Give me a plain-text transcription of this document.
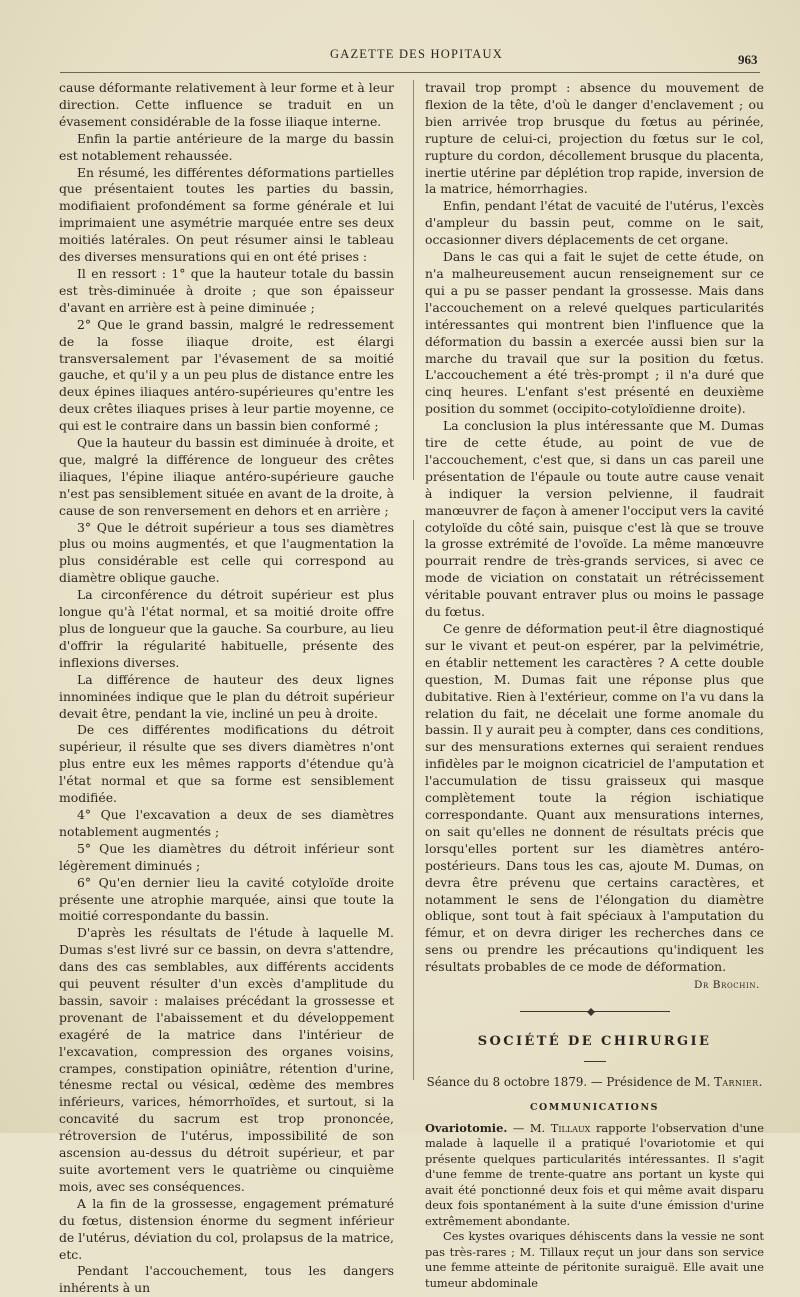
GAZETTE DES HOPITAUX	963

cause déformante relativement à leur forme et à leur direction. Cette influence se traduit en un évasement considérable de la fosse iliaque interne.

Enfin la partie antérieure de la marge du bassin est notablement rehaussée.

En résumé, les différentes déformations partielles que présentaient toutes les parties du bassin, modifiaient profondément sa forme générale et lui imprimaient une asymétrie marquée entre ses deux moitiés latérales. On peut résumer ainsi le tableau des diverses mensurations qui en ont été prises :

Il en ressort : 1° que la hauteur totale du bassin est très-diminuée à droite ; que son épaisseur d'avant en arrière est à peine diminuée ;

2° Que le grand bassin, malgré le redressement de la fosse iliaque droite, est élargi transversalement par l'évasement de sa moitié gauche, et qu'il y a un peu plus de distance entre les deux épines iliaques antéro-supérieures qu'entre les deux crêtes iliaques prises à leur partie moyenne, ce qui est le contraire dans un bassin bien conformé ;

Que la hauteur du bassin est diminuée à droite, et que, malgré la différence de longueur des crêtes iliaques, l'épine iliaque antéro-supérieure gauche n'est pas sensiblement située en avant de la droite, à cause de son renversement en dehors et en arrière ;

3° Que le détroit supérieur a tous ses diamètres plus ou moins augmentés, et que l'augmentation la plus considérable est celle qui correspond au diamètre oblique gauche.

La circonférence du détroit supérieur est plus longue qu'à l'état normal, et sa moitié droite offre plus de longueur que la gauche. Sa courbure, au lieu d'offrir la régularité habituelle, présente des inflexions diverses.

La différence de hauteur des deux lignes innominées indique que le plan du détroit supérieur devait être, pendant la vie, incliné un peu à droite.

De ces différentes modifications du détroit supérieur, il résulte que ses divers diamètres n'ont plus entre eux les mêmes rapports d'étendue qu'à l'état normal et que sa forme est sensiblement modifiée.

4° Que l'excavation a deux de ses diamètres notablement augmentés ;

5° Que les diamètres du détroit inférieur sont légèrement diminués ;

6° Qu'en dernier lieu la cavité cotyloïde droite présente une atrophie marquée, ainsi que toute la moitié correspondante du bassin.

D'après les résultats de l'étude à laquelle M. Dumas s'est livré sur ce bassin, on devra s'attendre, dans des cas semblables, aux différents accidents qui peuvent résulter d'un excès d'amplitude du bassin, savoir : malaises précédant la grossesse et provenant de l'abaissement et du développement exagéré de la matrice dans l'intérieur de l'excavation, compression des organes voisins, crampes, constipation opiniâtre, rétention d'urine, ténesme rectal ou vésical, œdème des membres inférieurs, varices, hémorrhoïdes, et surtout, si la concavité du sacrum est trop prononcée, rétroversion de l'utérus, impossibilité de son ascension au-dessus du détroit supérieur, et par suite avortement vers le quatrième ou cinquième mois, avec ses conséquences.

A la fin de la grossesse, engagement prématuré du fœtus, distension énorme du segment inférieur de l'utérus, déviation du col, prolapsus de la matrice, etc.

Pendant l'accouchement, tous les dangers inhérents à un

travail trop prompt : absence du mouvement de flexion de la tête, d'où le danger d'enclavement ; ou bien arrivée trop brusque du fœtus au périnée, rupture de celui-ci, projection du fœtus sur le col, rupture du cordon, décollement brusque du placenta, inertie utérine par déplétion trop rapide, inversion de la matrice, hémorrhagies.

Enfin, pendant l'état de vacuité de l'utérus, l'excès d'ampleur du bassin peut, comme on le sait, occasionner divers déplacements de cet organe.

Dans le cas qui a fait le sujet de cette étude, on n'a malheureusement aucun renseignement sur ce qui a pu se passer pendant la grossesse. Mais dans l'accouchement on a relevé quelques particularités intéressantes qui montrent bien l'influence que la déformation du bassin a exercée aussi bien sur la marche du travail que sur la position du fœtus. L'accouchement a été très-prompt ; il n'a duré que cinq heures. L'enfant s'est présenté en deuxième position du sommet (occipito-cotyloïdienne droite).

La conclusion la plus intéressante que M. Dumas tire de cette étude, au point de vue de l'accouchement, c'est que, si dans un cas pareil une présentation de l'épaule ou toute autre cause venait à indiquer la version pelvienne, il faudrait manœuvrer de façon à amener l'occiput vers la cavité cotyloïde du côté sain, puisque c'est là que se trouve la grosse extrémité de l'ovoïde. La même manœuvre pourrait rendre de très-grands services, si avec ce mode de viciation on constatait un rétrécissement véritable pouvant entraver plus ou moins le passage du fœtus.

Ce genre de déformation peut-il être diagnostiqué sur le vivant et peut-on espérer, par la pelvimétrie, en établir nettement les caractères ? A cette double question, M. Dumas fait une réponse plus que dubitative. Rien à l'extérieur, comme on l'a vu dans la relation du fait, ne décelait une forme anomale du bassin. Il y aurait peu à compter, dans ces conditions, sur des mensurations externes qui seraient rendues infidèles par le moignon cicatriciel de l'amputation et l'accumulation de tissu graisseux qui masque complètement toute la région ischiatique correspondante. Quant aux mensurations internes, on sait qu'elles ne donnent de résultats précis que lorsqu'elles portent sur les diamètres antéro-postérieurs. Dans tous les cas, ajoute M. Dumas, on devra être prévenu que certains caractères, et notamment le sens de l'élongation du diamètre oblique, sont tout à fait spéciaux à l'amputation du fémur, et on devra diriger les recherches dans ce sens ou prendre les précautions qu'indiquent les résultats probables de ce mode de déformation.

Dr Brochin.
SOCIÉTÉ DE CHIRURGIE
Séance du 8 octobre 1879. — Présidence de M. Tarnier.
COMMUNICATIONS

Ovariotomie. — M. Tillaux rapporte l'observation d'une malade à laquelle il a pratiqué l'ovariotomie et qui présente quelques particularités intéressantes. Il s'agit d'une femme de trente-quatre ans portant un kyste qui avait été ponctionné deux fois et qui même avait disparu deux fois spontanément à la suite d'une émission d'urine extrêmement abondante.

Ces kystes ovariques déhiscents dans la vessie ne sont pas très-rares ; M. Tillaux reçut un jour dans son service une femme atteinte de péritonite suraiguë. Elle avait une tumeur abdominale
